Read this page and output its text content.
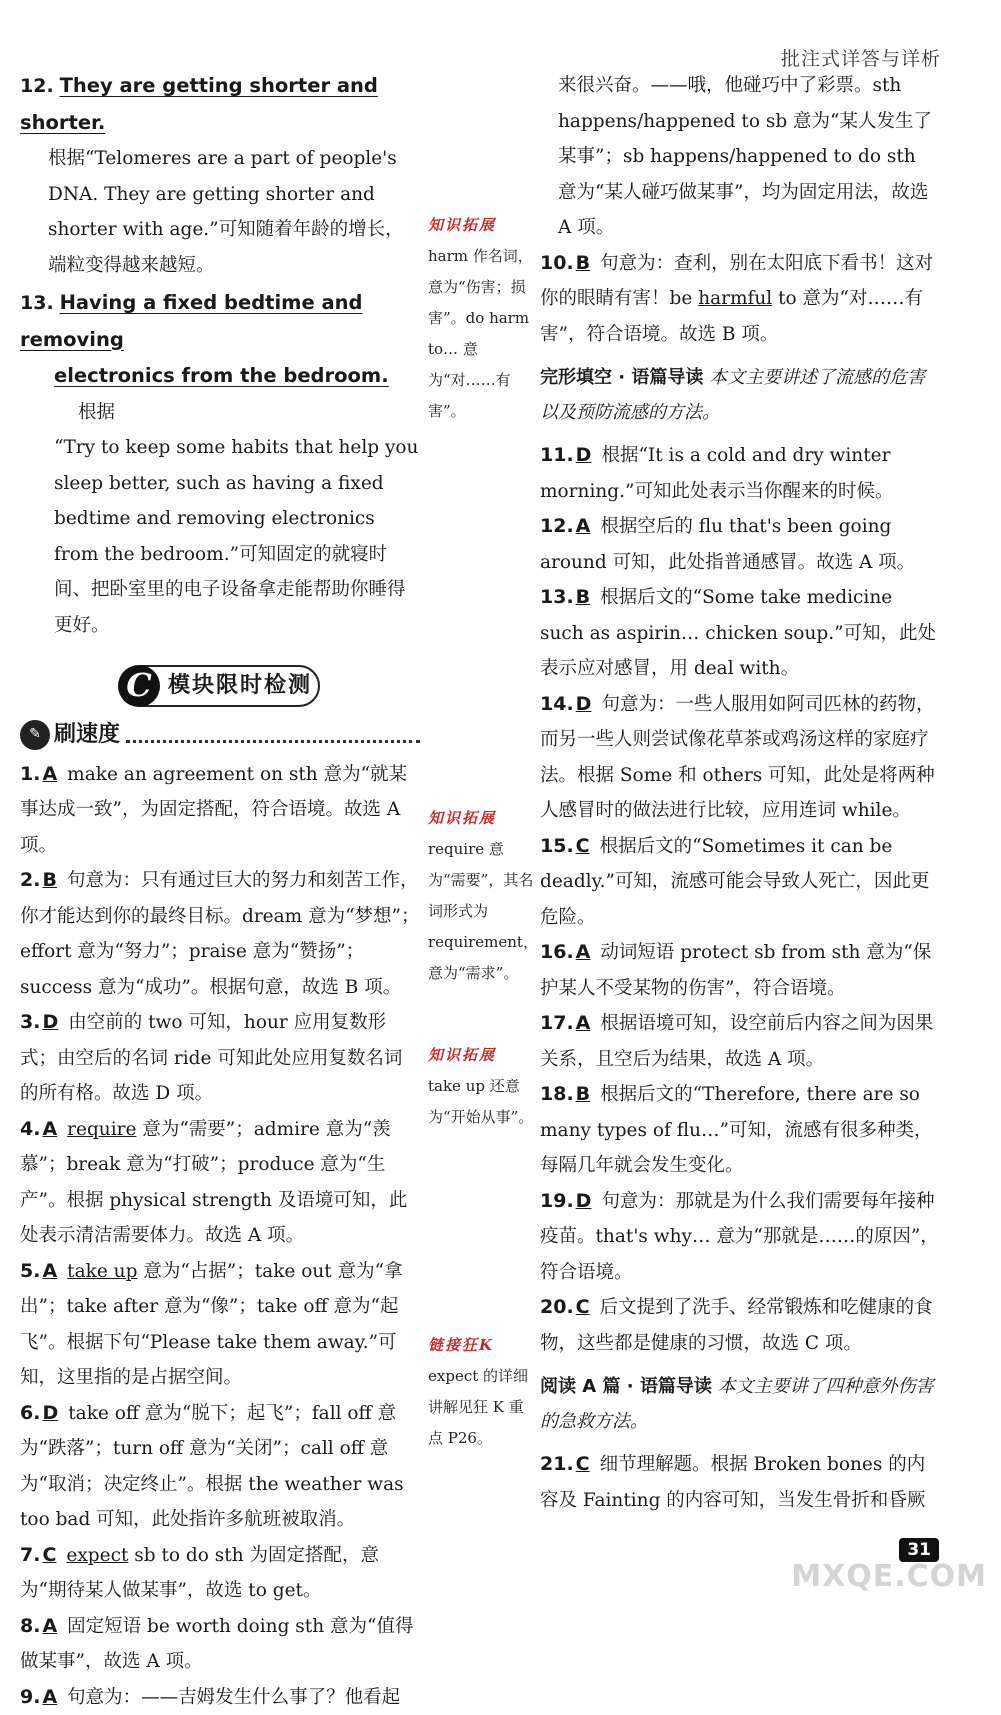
批注式详答与详析
12. They are getting shorter and shorter.
根据“Telomeres are a part of people's DNA. They are getting shorter and shorter with age.”可知随着年龄的增长，端粒变得越来越短。
13. Having a fixed bedtime and removing
electronics from the bedroom. 根据
“Try to keep some habits that help you sleep better, such as having a fixed bedtime and removing electronics from the bedroom.”可知固定的就寝时间、把卧室里的电子设备拿走能帮助你睡得更好。
C 模块限时检测
✎ 刷速度
1. A make an agreement on sth 意为“就某事达成一致”，为固定搭配，符合语境。故选 A 项。
2. B 句意为：只有通过巨大的努力和刻苦工作，你才能达到你的最终目标。dream 意为“梦想”；effort 意为“努力”；praise 意为“赞扬”；success 意为“成功”。根据句意，故选 B 项。
3. D 由空前的 two 可知，hour 应用复数形式；由空后的名词 ride 可知此处应用复数名词的所有格。故选 D 项。
4. A require 意为“需要”；admire 意为“羡慕”；break 意为“打破”；produce 意为“生产”。根据 physical strength 及语境可知，此处表示清洁需要体力。故选 A 项。
5. A take up 意为“占据”；take out 意为“拿出”；take after 意为“像”；take off 意为“起飞”。根据下句“Please take them away.”可知，这里指的是占据空间。
6. D take off 意为“脱下；起飞”；fall off 意为“跌落”；turn off 意为“关闭”；call off 意为“取消；决定终止”。根据 the weather was too bad 可知，此处指许多航班被取消。
7. C expect sb to do sth 为固定搭配，意为“期待某人做某事”，故选 to get。
8. A 固定短语 be worth doing sth 意为“值得做某事”，故选 A 项。
9. A 句意为：——吉姆发生什么事了？他看起
知识拓展
harm 作名词，意为“伤害；损害”。do harm to… 意为“对……有害”。
知识拓展
require 意为“需要”，其名词形式为 requirement，意为“需求”。
知识拓展
take up 还意为“开始从事”。
链接狂K
expect 的详细讲解见狂 K 重点 P26。
来很兴奋。——哦，他碰巧中了彩票。sth happens/happened to sb 意为“某人发生了某事”；sb happens/happened to do sth 意为“某人碰巧做某事”，均为固定用法，故选 A 项。
10. B 句意为：查利，别在太阳底下看书！这对你的眼睛有害！be harmful to 意为“对……有害”，符合语境。故选 B 项。
完形填空 · 语篇导读 本文主要讲述了流感的危害以及预防流感的方法。
11. D 根据“It is a cold and dry winter morning.”可知此处表示当你醒来的时候。
12. A 根据空后的 flu that's been going around 可知，此处指普通感冒。故选 A 项。
13. B 根据后文的“Some take medicine such as aspirin… chicken soup.”可知，此处表示应对感冒，用 deal with。
14. D 句意为：一些人服用如阿司匹林的药物，而另一些人则尝试像花草茶或鸡汤这样的家庭疗法。根据 Some 和 others 可知，此处是将两种人感冒时的做法进行比较，应用连词 while。
15. C 根据后文的“Sometimes it can be deadly.”可知，流感可能会导致人死亡，因此更危险。
16. A 动词短语 protect sb from sth 意为“保护某人不受某物的伤害”，符合语境。
17. A 根据语境可知，设空前后内容之间为因果关系，且空后为结果，故选 A 项。
18. B 根据后文的“Therefore, there are so many types of flu…”可知，流感有很多种类，每隔几年就会发生变化。
19. D 句意为：那就是为什么我们需要每年接种疫苗。that's why… 意为“那就是……的原因”，符合语境。
20. C 后文提到了洗手、经常锻炼和吃健康的食物，这些都是健康的习惯，故选 C 项。
阅读 A 篇 · 语篇导读 本文主要讲了四种意外伤害的急救方法。
21. C 细节理解题。根据 Broken bones 的内容及 Fainting 的内容可知，当发生骨折和昏厥
31
MXQE.COM
